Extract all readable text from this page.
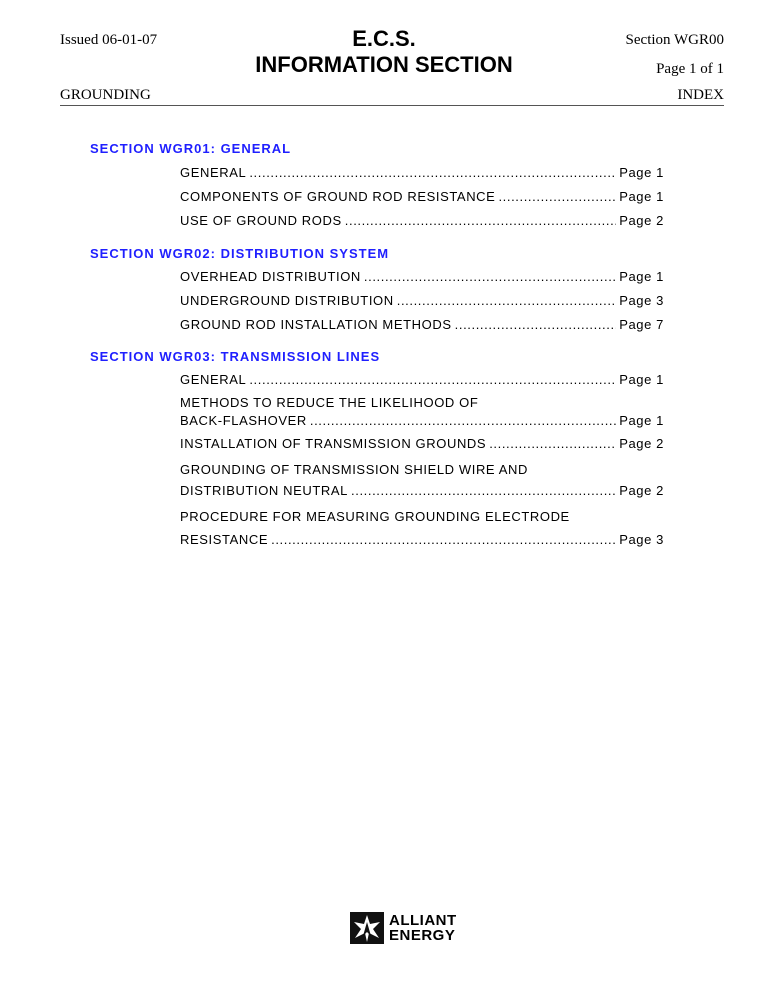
Issued 06-01-07	E.C.S.
INFORMATION SECTION
Section WGR00
Page 1 of 1
GROUNDING	INDEX
SECTION WGR01: GENERAL
GENERAL .....	Page 1
COMPONENTS OF GROUND ROD RESISTANCE .....	Page 1
USE OF GROUND RODS .....	Page 2
SECTION WGR02: DISTRIBUTION SYSTEM
OVERHEAD DISTRIBUTION .....	Page 1
UNDERGROUND DISTRIBUTION .....	Page 3
GROUND ROD INSTALLATION METHODS .....	Page 7
SECTION WGR03: TRANSMISSION LINES
GENERAL .....	Page 1
METHODS TO REDUCE THE LIKELIHOOD OF
BACK-FLASHOVER .....	Page 1
INSTALLATION OF TRANSMISSION GROUNDS .....	Page 2
GROUNDING OF TRANSMISSION SHIELD WIRE AND
DISTRIBUTION NEUTRAL .....	Page 2
PROCEDURE FOR MEASURING GROUNDING ELECTRODE
RESISTANCE .....	Page 3
ALLIANT
ENERGY
